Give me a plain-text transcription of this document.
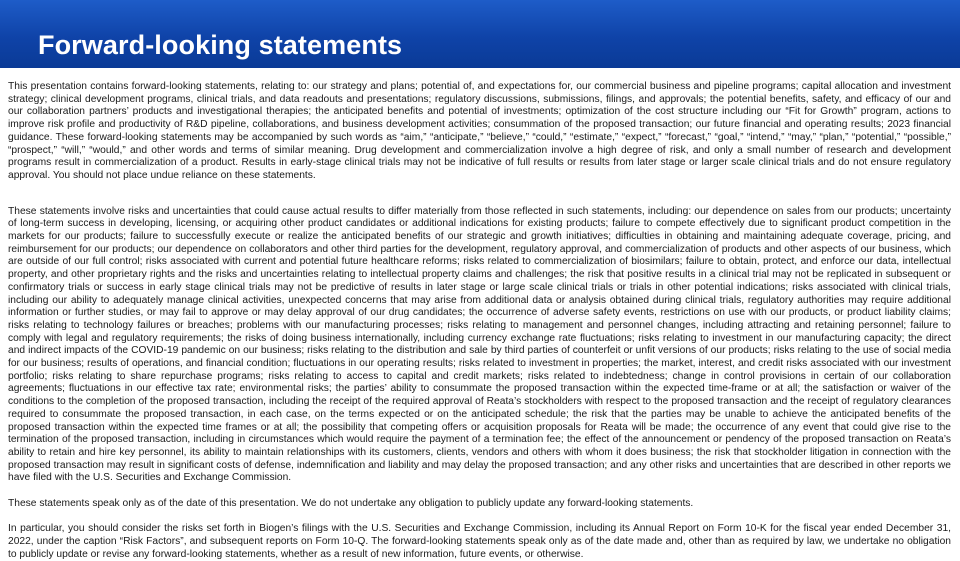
Forward-looking statements

This presentation contains forward-looking statements, relating to: our strategy and plans; potential of, and expectations for, our commercial business and pipeline programs; capital allocation and investment strategy; clinical development programs, clinical trials, and data readouts and presentations; regulatory discussions, submissions, filings, and approvals; the potential benefits, safety, and efficacy of our and our collaboration partners’ products and investigational therapies; the anticipated benefits and potential of investments; optimization of the cost structure including our “Fit for Growth” program, actions to improve risk profile and productivity of R&D pipeline, collaborations, and business development activities; consummation of the proposed transaction; our future financial and operating results; 2023 financial guidance. These forward-looking statements may be accompanied by such words as “aim,” “anticipate,” “believe,” “could,” “estimate,” “expect,” “forecast,” “goal,” “intend,” “may,” “plan,” “potential,” “possible,” “prospect,” “will,” “would,” and other words and terms of similar meaning. Drug development and commercialization involve a high degree of risk, and only a small number of research and development programs result in commercialization of a product. Results in early-stage clinical trials may not be indicative of full results or results from later stage or larger scale clinical trials and do not ensure regulatory approval. You should not place undue reliance on these statements.

These statements involve risks and uncertainties that could cause actual results to differ materially from those reflected in such statements, including: our dependence on sales from our products; uncertainty of long-term success in developing, licensing, or acquiring other product candidates or additional indications for existing products; failure to compete effectively due to significant product competition in the markets for our products; failure to successfully execute or realize the anticipated benefits of our strategic and growth initiatives; difficulties in obtaining and maintaining adequate coverage, pricing, and reimbursement for our products; our dependence on collaborators and other third parties for the development, regulatory approval, and commercialization of products and other aspects of our business, which are outside of our full control; risks associated with current and potential future healthcare reforms; risks related to commercialization of biosimilars; failure to obtain, protect, and enforce our data, intellectual property, and other proprietary rights and the risks and uncertainties relating to intellectual property claims and challenges; the risk that positive results in a clinical trial may not be replicated in subsequent or confirmatory trials or success in early stage clinical trials may not be predictive of results in later stage or large scale clinical trials or trials in other potential indications; risks associated with clinical trials, including our ability to adequately manage clinical activities, unexpected concerns that may arise from additional data or analysis obtained during clinical trials, regulatory authorities may require additional information or further studies, or may fail to approve or may delay approval of our drug candidates; the occurrence of adverse safety events, restrictions on use with our products, or product liability claims; risks relating to technology failures or breaches; problems with our manufacturing processes; risks relating to management and personnel changes, including attracting and retaining personnel; failure to comply with legal and regulatory requirements; the risks of doing business internationally, including currency exchange rate fluctuations; risks relating to investment in our manufacturing capacity; the direct and indirect impacts of the COVID-19 pandemic on our business; risks relating to the distribution and sale by third parties of counterfeit or unfit versions of our products; risks relating to the use of social media for our business; results of operations, and financial condition; fluctuations in our operating results; risks related to investment in properties; the market, interest, and credit risks associated with our investment portfolio; risks relating to share repurchase programs; risks relating to access to capital and credit markets; risks related to indebtedness; change in control provisions in certain of our collaboration agreements; fluctuations in our effective tax rate; environmental risks; the parties’ ability to consummate the proposed transaction within the expected time-frame or at all; the satisfaction or waiver of the conditions to the completion of the proposed transaction, including the receipt of the required approval of Reata’s stockholders with respect to the proposed transaction and the receipt of regulatory clearances required to consummate the proposed transaction, in each case, on the terms expected or on the anticipated schedule; the risk that the parties may be unable to achieve the anticipated benefits of the proposed transaction within the expected time frames or at all; the possibility that competing offers or acquisition proposals for Reata will be made; the occurrence of any event that could give rise to the termination of the proposed transaction, including in circumstances which would require the payment of a termination fee; the effect of the announcement or pendency of the proposed transaction on Reata’s ability to retain and hire key personnel, its ability to maintain relationships with its customers, clients, vendors and others with whom it does business; the risk that stockholder litigation in connection with the proposed transaction may result in significant costs of defense, indemnification and liability and may delay the proposed transaction; and any other risks and uncertainties that are described in other reports we have filed with the U.S. Securities and Exchange Commission.

These statements speak only as of the date of this presentation. We do not undertake any obligation to publicly update any forward-looking statements.

In particular, you should consider the risks set forth in Biogen’s filings with the U.S. Securities and Exchange Commission, including its Annual Report on Form 10-K for the fiscal year ended December 31, 2022, under the caption “Risk Factors”, and subsequent reports on Form 10-Q. The forward-looking statements speak only as of the date made and, other than as required by law, we undertake no obligation to publicly update or revise any forward-looking statements, whether as a result of new information, future events, or otherwise.
